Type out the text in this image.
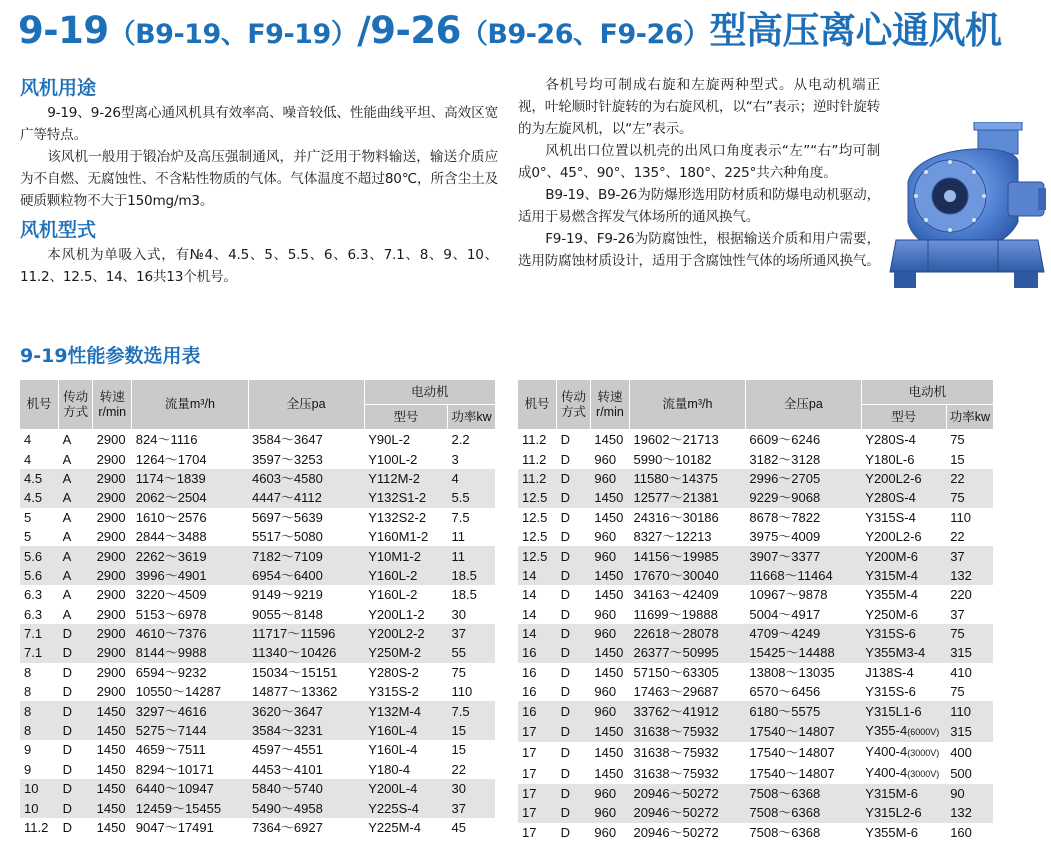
9-19（B9-19、F9-19）/9-26（B9-26、F9-26）型高压离心通风机
风机用途

9-19、9-26型离心通风机具有效率高、噪音较低、性能曲线平坦、高效区宽广等特点。

该风机一般用于锻冶炉及高压强制通风，并广泛用于物料输送，输送介质应为不自燃、无腐蚀性、不含粘性物质的气体。气体温度不超过80℃，所含尘土及硬质颗粒物不大于150mg/m3。

风机型式

本风机为单吸入式，有№4、4.5、5、5.5、6、6.3、7.1、8、9、10、11.2、12.5、14、16共13个机号。

各机号均可制成右旋和左旋两种型式。从电动机端正视，叶轮顺时针旋转的为右旋风机，以“右”表示；逆时针旋转的为左旋风机，以“左”表示。

风机出口位置以机壳的出风口角度表示“左”“右”均可制成0°、45°、90°、135°、180°、225°共六种角度。

B9-19、B9-26为防爆形选用防材质和防爆电动机驱动，适用于易燃含挥发气体场所的通风换气。

F9-19、F9-26为防腐蚀性，根据输送介质和用户需要，选用防腐蚀材质设计，适用于含腐蚀性气体的场所通风换气。

9-19性能参数选用表
机号	传动方式	转速 r/min	流量m³/h	全压pa	电动机	
					型号	功率kw
4	A	2900	824～1116	3584～3647	Y90L-2	2.2
4	A	2900	1264～1704	3597～3253	Y100L-2	3
4.5	A	2900	1174～1839	4603～4580	Y112M-2	4
4.5	A	2900	2062～2504	4447～4112	Y132S1-2	5.5
5	A	2900	1610～2576	5697～5639	Y132S2-2	7.5
5	A	2900	2844～3488	5517～5080	Y160M1-2	11
5.6	A	2900	2262～3619	7182～7109	Y10M1-2	11
5.6	A	2900	3996～4901	6954～6400	Y160L-2	18.5
6.3	A	2900	3220～4509	9149～9219	Y160L-2	18.5
6.3	A	2900	5153～6978	9055～8148	Y200L1-2	30
7.1	D	2900	4610～7376	11717～11596	Y200L2-2	37
7.1	D	2900	8144～9988	11340～10426	Y250M-2	55
8	D	2900	6594～9232	15034～15151	Y280S-2	75
8	D	2900	10550～14287	14877～13362	Y315S-2	110
8	D	1450	3297～4616	3620～3647	Y132M-4	7.5
8	D	1450	5275～7144	3584～3231	Y160L-4	15
9	D	1450	4659～7511	4597～4551	Y160L-4	15
9	D	1450	8294～10171	4453～4101	Y180-4	22
10	D	1450	6440～10947	5840～5740	Y200L-4	30
10	D	1450	12459～15455	5490～4958	Y225S-4	37
11.2	D	1450	9047～17491	7364～6927	Y225M-4	45
机号	传动方式	转速 r/min	流量m³/h	全压pa	电动机	
					型号	功率kw
11.2	D	1450	19602～21713	6609～6246	Y280S-4	75
11.2	D	960	5990～10182	3182～3128	Y180L-6	15
11.2	D	960	11580～14375	2996～2705	Y200L2-6	22
12.5	D	1450	12577～21381	9229～9068	Y280S-4	75
12.5	D	1450	24316～30186	8678～7822	Y315S-4	110
12.5	D	960	8327～12213	3975～4009	Y200L2-6	22
12.5	D	960	14156～19985	3907～3377	Y200M-6	37
14	D	1450	17670～30040	11668～11464	Y315M-4	132
14	D	1450	34163～42409	10967～9878	Y355M-4	220
14	D	960	11699～19888	5004～4917	Y250M-6	37
14	D	960	22618～28078	4709～4249	Y315S-6	75
16	D	1450	26377～50995	15425～14488	Y355M3-4	315
16	D	1450	57150～63305	13808～13035	J138S-4	410
16	D	960	17463～29687	6570～6456	Y315S-6	75
16	D	960	33762～41912	6180～5575	Y315L1-6	110
17	D	1450	31638～75932	17540～14807	Y355-4(6000V)	315
17	D	1450	31638～75932	17540～14807	Y400-4(3000V)	400
17	D	1450	31638～75932	17540～14807	Y400-4(3000V)	500
17	D	960	20946～50272	7508～6368	Y315M-6	90
17	D	960	20946～50272	7508～6368	Y315L2-6	132
17	D	960	20946～50272	7508～6368	Y355M-6	160
